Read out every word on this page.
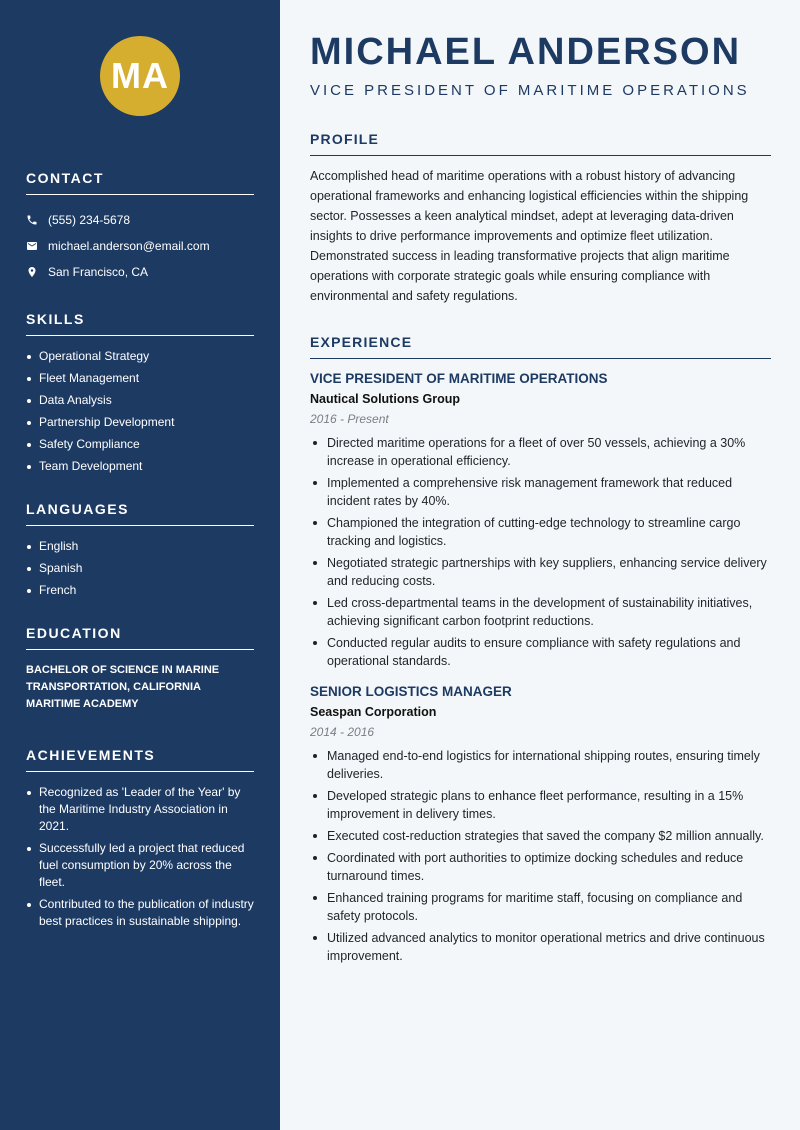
MA
CONTACT
(555) 234-5678
michael.anderson@email.com
San Francisco, CA
SKILLS
Operational Strategy
Fleet Management
Data Analysis
Partnership Development
Safety Compliance
Team Development
LANGUAGES
English
Spanish
French
EDUCATION
BACHELOR OF SCIENCE IN MARINE TRANSPORTATION, CALIFORNIA MARITIME ACADEMY
ACHIEVEMENTS
Recognized as 'Leader of the Year' by the Maritime Industry Association in 2021.
Successfully led a project that reduced fuel consumption by 20% across the fleet.
Contributed to the publication of industry best practices in sustainable shipping.
MICHAEL ANDERSON
VICE PRESIDENT OF MARITIME OPERATIONS
PROFILE

Accomplished head of maritime operations with a robust history of advancing operational frameworks and enhancing logistical efficiencies within the shipping sector. Possesses a keen analytical mindset, adept at leveraging data-driven insights to drive performance improvements and optimize fleet utilization. Demonstrated success in leading transformative projects that align maritime operations with corporate strategic goals while ensuring compliance with environmental and safety regulations.

EXPERIENCE
VICE PRESIDENT OF MARITIME OPERATIONS
Nautical Solutions Group
2016 - Present
Directed maritime operations for a fleet of over 50 vessels, achieving a 30% increase in operational efficiency.
Implemented a comprehensive risk management framework that reduced incident rates by 40%.
Championed the integration of cutting-edge technology to streamline cargo tracking and logistics.
Negotiated strategic partnerships with key suppliers, enhancing service delivery and reducing costs.
Led cross-departmental teams in the development of sustainability initiatives, achieving significant carbon footprint reductions.
Conducted regular audits to ensure compliance with safety regulations and operational standards.
SENIOR LOGISTICS MANAGER
Seaspan Corporation
2014 - 2016
Managed end-to-end logistics for international shipping routes, ensuring timely deliveries.
Developed strategic plans to enhance fleet performance, resulting in a 15% improvement in delivery times.
Executed cost-reduction strategies that saved the company $2 million annually.
Coordinated with port authorities to optimize docking schedules and reduce turnaround times.
Enhanced training programs for maritime staff, focusing on compliance and safety protocols.
Utilized advanced analytics to monitor operational metrics and drive continuous improvement.
